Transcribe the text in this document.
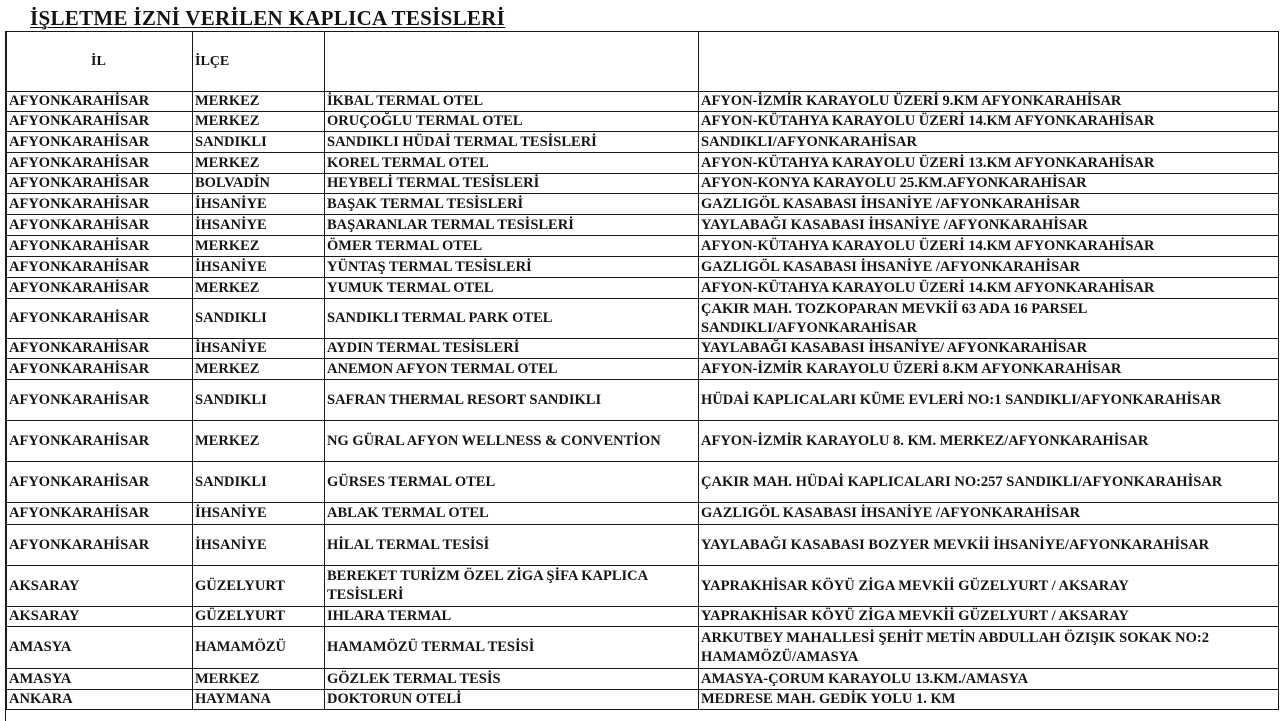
İŞLETME İZNİ VERİLEN KAPLICA TESİSLERİ
İL	İLÇE		

AFYONKARAHİSAR	MERKEZ	İKBAL TERMAL OTEL	AFYON-İZMİR KARAYOLU ÜZERİ 9.KM AFYONKARAHİSAR
AFYONKARAHİSAR	MERKEZ	ORUÇOĞLU TERMAL OTEL	AFYON-KÜTAHYA KARAYOLU ÜZERİ 14.KM AFYONKARAHİSAR
AFYONKARAHİSAR	SANDIKLI	SANDIKLI HÜDAİ TERMAL TESİSLERİ	SANDIKLI/AFYONKARAHİSAR
AFYONKARAHİSAR	MERKEZ	KOREL TERMAL OTEL	AFYON-KÜTAHYA KARAYOLU ÜZERİ 13.KM AFYONKARAHİSAR
AFYONKARAHİSAR	BOLVADİN	HEYBELİ TERMAL TESİSLERİ	AFYON-KONYA KARAYOLU 25.KM.AFYONKARAHİSAR
AFYONKARAHİSAR	İHSANİYE	BAŞAK TERMAL TESİSLERİ	GAZLIGÖL KASABASI İHSANİYE /AFYONKARAHİSAR
AFYONKARAHİSAR	İHSANİYE	BAŞARANLAR TERMAL TESİSLERİ	YAYLABAĞI KASABASI İHSANİYE /AFYONKARAHİSAR
AFYONKARAHİSAR	MERKEZ	ÖMER TERMAL OTEL	AFYON-KÜTAHYA KARAYOLU ÜZERİ 14.KM AFYONKARAHİSAR
AFYONKARAHİSAR	İHSANİYE	YÜNTAŞ TERMAL TESİSLERİ	GAZLIGÖL KASABASI İHSANİYE /AFYONKARAHİSAR
AFYONKARAHİSAR	MERKEZ	YUMUK TERMAL OTEL	AFYON-KÜTAHYA KARAYOLU ÜZERİ 14.KM AFYONKARAHİSAR
AFYONKARAHİSAR	SANDIKLI	SANDIKLI TERMAL PARK OTEL	ÇAKIR MAH. TOZKOPARAN MEVKİİ 63 ADA 16 PARSEL SANDIKLI/AFYONKARAHİSAR
AFYONKARAHİSAR	İHSANİYE	AYDIN TERMAL TESİSLERİ	YAYLABAĞI KASABASI İHSANİYE/ AFYONKARAHİSAR
AFYONKARAHİSAR	MERKEZ	ANEMON AFYON TERMAL OTEL	AFYON-İZMİR KARAYOLU ÜZERİ 8.KM AFYONKARAHİSAR
AFYONKARAHİSAR	SANDIKLI	SAFRAN THERMAL RESORT SANDIKLI	HÜDAİ KAPLICALARI KÜME EVLERİ NO:1 SANDIKLI/AFYONKARAHİSAR
AFYONKARAHİSAR	MERKEZ	NG GÜRAL AFYON WELLNESS & CONVENTİON	AFYON-İZMİR KARAYOLU 8. KM. MERKEZ/AFYONKARAHİSAR
AFYONKARAHİSAR	SANDIKLI	GÜRSES TERMAL OTEL	ÇAKIR MAH. HÜDAİ KAPLICALARI NO:257 SANDIKLI/AFYONKARAHİSAR
AFYONKARAHİSAR	İHSANİYE	ABLAK TERMAL OTEL	GAZLIGÖL KASABASI İHSANİYE /AFYONKARAHİSAR
AFYONKARAHİSAR	İHSANİYE	HİLAL TERMAL TESİSİ	YAYLABAĞI KASABASI BOZYER MEVKİİ İHSANİYE/AFYONKARAHİSAR
AKSARAY	GÜZELYURT	BEREKET TURİZM ÖZEL ZİGA ŞİFA KAPLICA TESİSLERİ	YAPRAKHİSAR KÖYÜ ZİGA MEVKİİ GÜZELYURT / AKSARAY
AKSARAY	GÜZELYURT	IHLARA TERMAL	YAPRAKHİSAR KÖYÜ ZİGA MEVKİİ GÜZELYURT / AKSARAY
AMASYA	HAMAMÖZÜ	HAMAMÖZÜ TERMAL TESİSİ	ARKUTBEY MAHALLESİ ŞEHİT METİN ABDULLAH ÖZIŞIK SOKAK NO:2 HAMAMÖZÜ/AMASYA
AMASYA	MERKEZ	GÖZLEK TERMAL TESİS	AMASYA-ÇORUM KARAYOLU 13.KM./AMASYA
ANKARA	HAYMANA	DOKTORUN OTELİ	MEDRESE MAH. GEDİK YOLU 1. KM
